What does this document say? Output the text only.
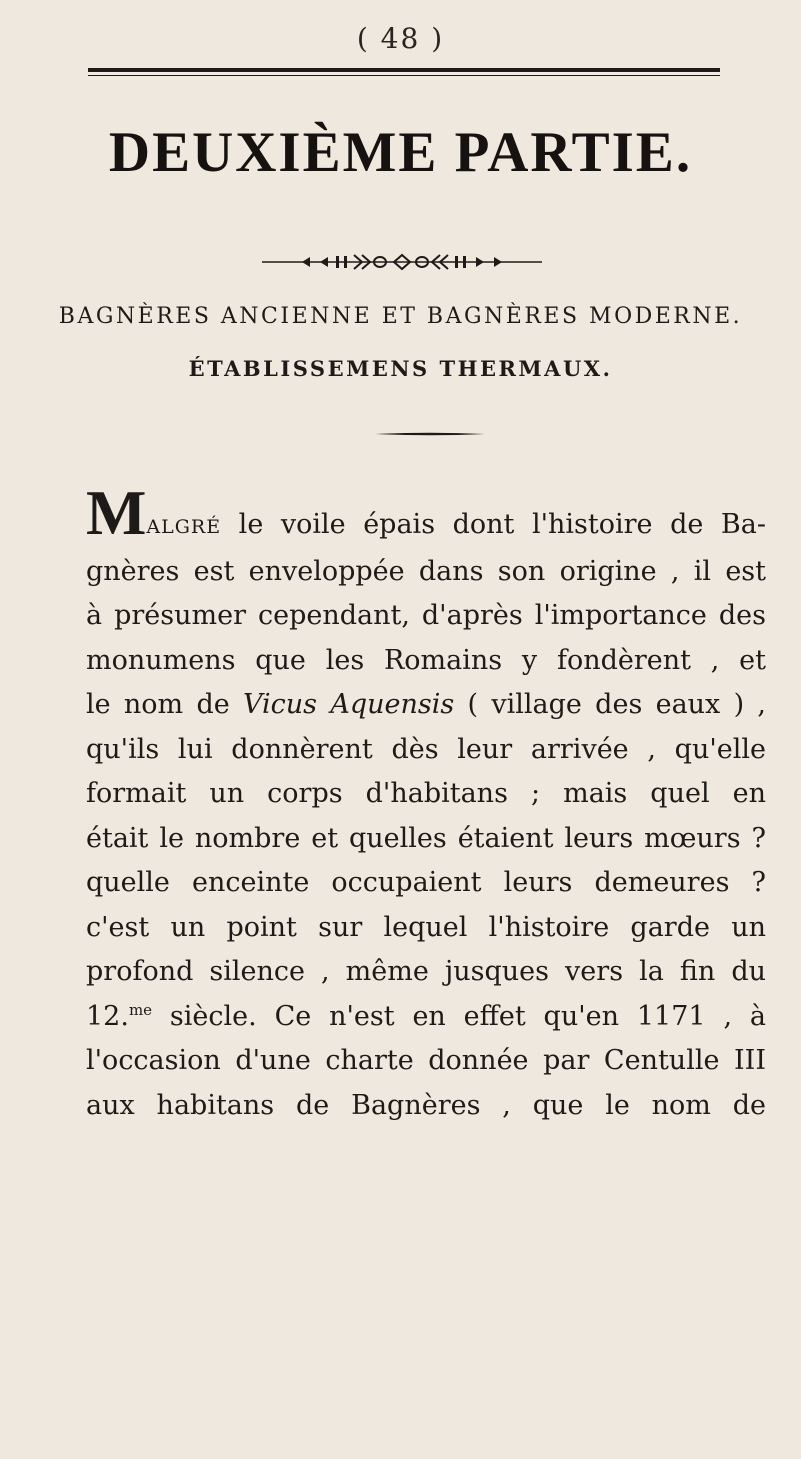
( 48 )
DEUXIÈME PARTIE.
BAGNÈRES ANCIENNE ET BAGNÈRES MODERNE.
ÉTABLISSEMENS THERMAUX.

MALGRÉ le voile épais dont l'histoire de Ba-

gnères est enveloppée dans son origine , il est

à présumer cependant, d'après l'importance des

monumens que les Romains y fondèrent , et

le nom de Vicus Aquensis ( village des eaux ) ,

qu'ils lui donnèrent dès leur arrivée , qu'elle

formait un corps d'habitans ; mais quel en

était le nombre et quelles étaient leurs mœurs ?

quelle enceinte occupaient leurs demeures ?

c'est un point sur lequel l'histoire garde un

profond silence , même jusques vers la fin du

12.$^{me}$ siècle. Ce n'est en effet qu'en 1171 , à

l'occasion d'une charte donnée par Centulle III

aux habitans de Bagnères , que le nom de
